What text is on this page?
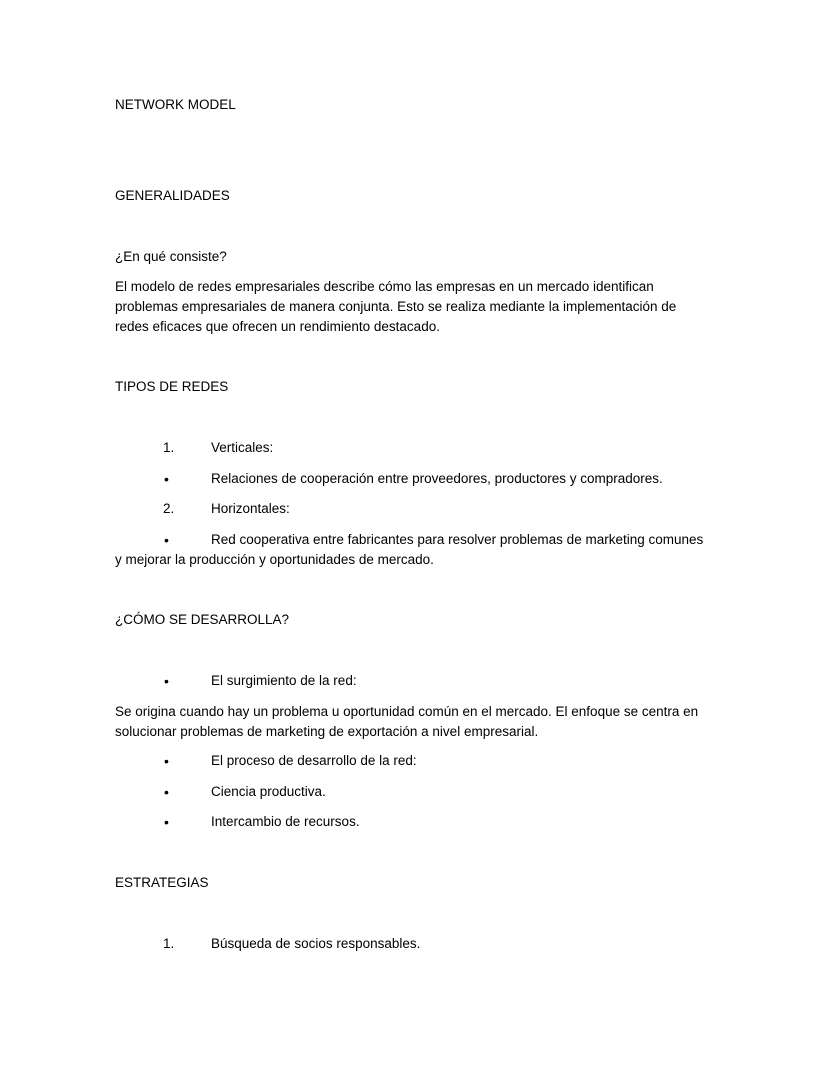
NETWORK MODEL

GENERALIDADES

¿En qué consiste?

El modelo de redes empresariales describe cómo las empresas en un mercado identifican
problemas empresariales de manera conjunta. Esto se realiza mediante la implementación de
redes eficaces que ofrecen un rendimiento destacado.

TIPOS DE REDES

1.	Verticales:
•	Relaciones de cooperación entre proveedores, productores y compradores.
2.	Horizontales:
•	Red cooperativa entre fabricantes para resolver problemas de marketing comunes
y mejorar la producción y oportunidades de mercado.

¿CÓMO SE DESARROLLA?

•	El surgimiento de la red:
Se origina cuando hay un problema u oportunidad común en el mercado. El enfoque se centra en
solucionar problemas de marketing de exportación a nivel empresarial.
•	El proceso de desarrollo de la red:
•	Ciencia productiva.
•	Intercambio de recursos.

ESTRATEGIAS

1.	Búsqueda de socios responsables.
